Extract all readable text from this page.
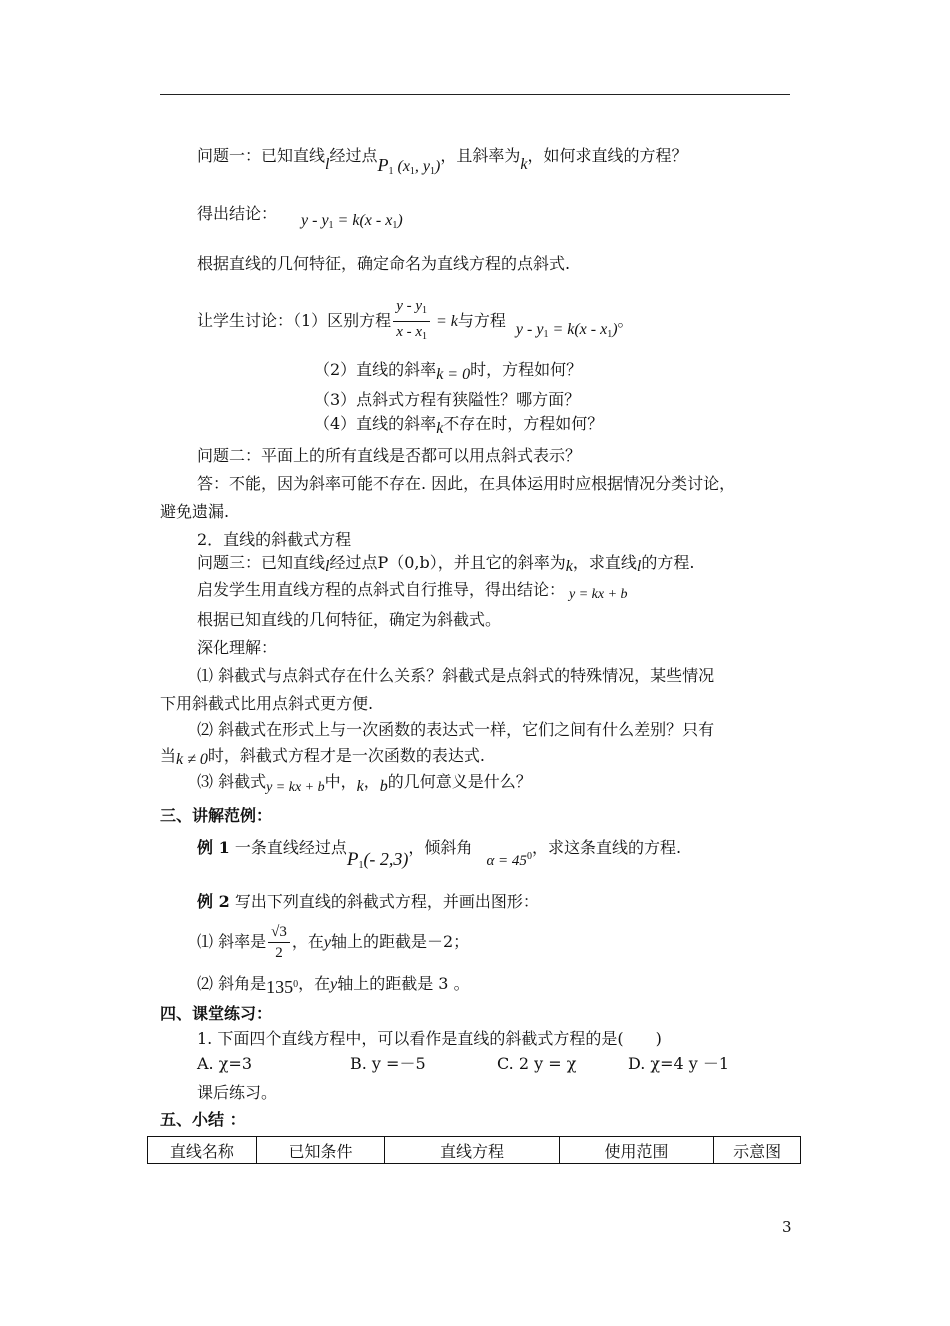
问题一：已知直线l经过点$P_1$ ($x_1$, $y_1$)，且斜率为k，如何求直线的方程？
得出结论： $y - y_1 = k(x - x_1)$
根据直线的几何特征，确定命名为直线方程的点斜式.
让学生讨论：（1）区别方程 $\frac{y - y_1}{x - x_1} = k$与方程 $y - y_1 = k(x - x_1)$。
（2）直线的斜率k = 0时，方程如何？
（3）点斜式方程有狭隘性？哪方面？
（4）直线的斜率k不存在时，方程如何？
问题二：平面上的所有直线是否都可以用点斜式表示？
答：不能，因为斜率可能不存在. 因此，在具体运用时应根据情况分类讨论，
避免遗漏.
2．直线的斜截式方程
问题三：已知直线l经过点P（0,b），并且它的斜率为k，求直线l的方程.
启发学生用直线方程的点斜式自行推导，得出结论： y = kx + b
根据已知直线的几何特征，确定为斜截式。
深化理解：
⑴ 斜截式与点斜式存在什么关系？斜截式是点斜式的特殊情况，某些情况
下用斜截式比用点斜式更方便.
⑵ 斜截式在形式上与一次函数的表达式一样，它们之间有什么差别？只有
当k ≠ 0时，斜截式方程才是一次函数的表达式.
⑶ 斜截式y = kx + b中，k，b的几何意义是什么？
三、讲解范例：
例 1 一条直线经过点$P_1(-$ 2,3)，倾斜角$\alpha = 45^0$，求这条直线的方程.
例 2 写出下列直线的斜截式方程，并画出图形：
⑴ 斜率是 $\frac{√3}{2}$ ，在y轴上的距截是－2；
⑵ 斜角是$135^0$，在y轴上的距截是 3 。
四、课堂练习：
1. 下面四个直线方程中，可以看作是直线的斜截式方程的是(　　)
A. χ=3	B. y =－5	C. 2 y = χ	D. χ=4 y －1
课后练习。
五、小结 ：
直线名称	已知条件	直线方程	使用范围	示意图
3
